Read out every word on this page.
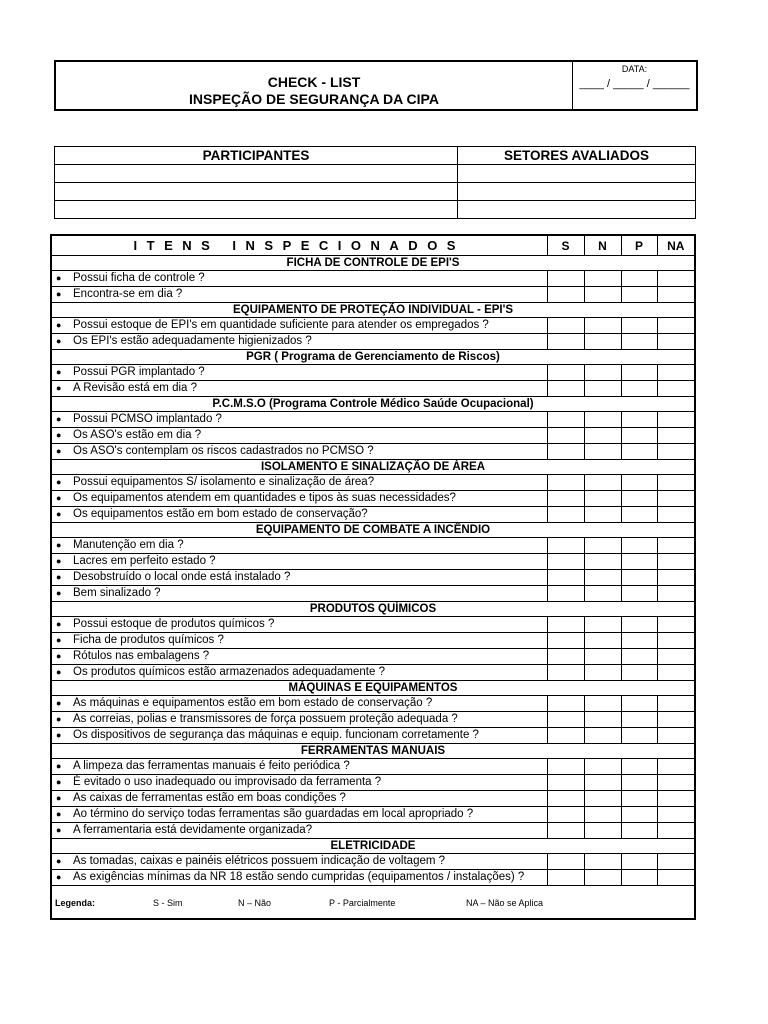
CHECK - LIST
INSPEÇÃO DE SEGURANÇA DA CIPA
DATA:
____ / _____ / ______
PARTICIPANTES	SETORES AVALIADOS

ITENS INSPECIONADOS	S	N	P	NA
FICHA DE CONTROLE DE EPI'S				
● Possui ficha de controle ?				
● Encontra-se em dia ?				
EQUIPAMENTO DE PROTEÇÃO INDIVIDUAL - EPI'S				
● Possui estoque de EPI's em quantidade suficiente para atender os empregados ?				
● Os EPI's estão adequadamente higienizados ?				
PGR ( Programa de Gerenciamento de Riscos)				
● Possui PGR implantado ?				
● A Revisão está em dia ?				
P.C.M.S.O (Programa Controle Médico Saúde Ocupacional)				
● Possui PCMSO implantado ?				
● Os ASO's estão em dia ?				
● Os ASO's contemplam os riscos cadastrados no PCMSO ?				
ISOLAMENTO E SINALIZAÇÃO DE ÁREA				
● Possui equipamentos S/ isolamento e sinalização de área?				
● Os equipamentos atendem em quantidades e tipos às suas necessidades?				
● Os equipamentos estão em bom estado de conservação?				
EQUIPAMENTO DE COMBATE A INCÊNDIO				
● Manutenção em dia ?				
● Lacres em perfeito estado ?				
● Desobstruído o local onde está instalado ?				
● Bem sinalizado ?				
PRODUTOS QUÍMICOS				
● Possui estoque de produtos químicos ?				
● Ficha de produtos químicos ?				
● Rótulos nas embalagens ?				
● Os produtos químicos estão armazenados adequadamente ?				
MÁQUINAS E EQUIPAMENTOS				
● As máquinas e equipamentos estão em bom estado de conservação ?				
● As correias, polias e transmissores de força possuem proteção adequada ?				
● Os dispositivos de segurança das máquinas e equip. funcionam corretamente ?				
FERRAMENTAS MANUAIS				
● A limpeza das ferramentas manuais é feito periódica ?				
● É evitado o uso inadequado ou improvisado da ferramenta ?				
● As caixas de ferramentas estão em boas condições ?				
● Ao término do serviço todas ferramentas são guardadas em local apropriado ?				
● A ferramentaria está devidamente organizada?				
ELETRICIDADE				
● As tomadas, caixas e painéis elétricos possuem indicação de voltagem ?				
● As exigências mínimas da NR 18 estão sendo cumpridas (equipamentos / instalações) ?				

Legenda: S - Sim N – Não P - Parcialmente NA – Não se Aplica				
